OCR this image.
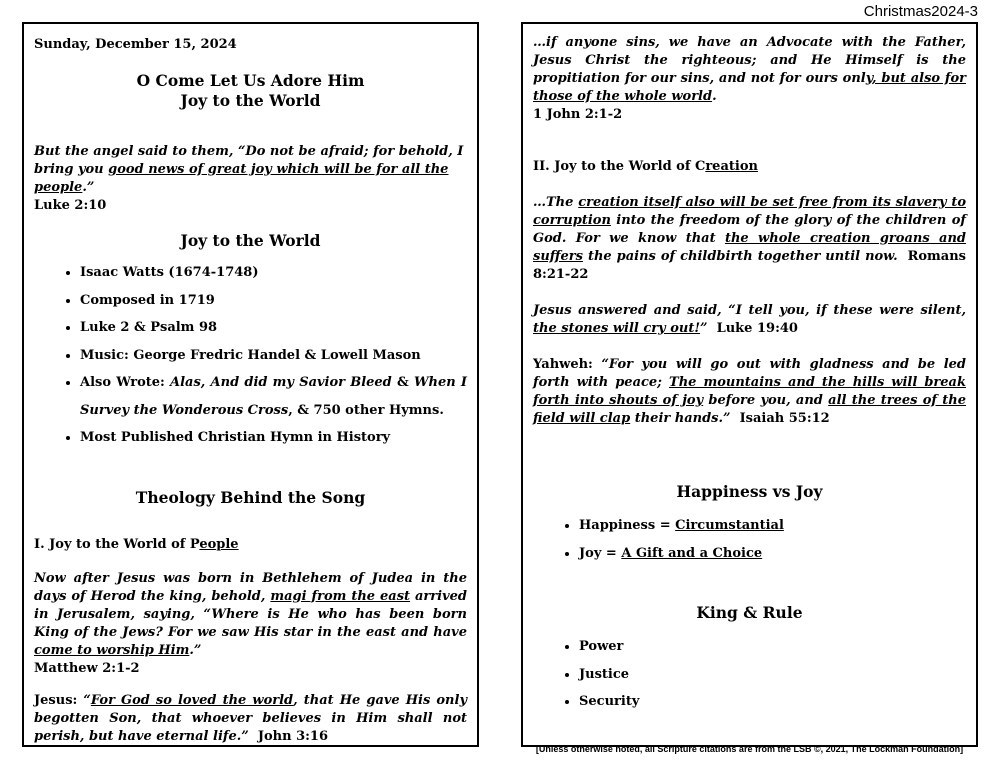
Christmas2024-3

Sunday, December 15, 2024

O Come Let Us Adore Him

Joy to the World

But the angel said to them, “Do not be afraid; for behold, I bring you good news of great joy which will be for all the people.”

Luke 2:10

Joy to the World

• Isaac Watts (1674-1748)
• Composed in 1719
• Luke 2 & Psalm 98
• Music: George Fredric Handel & Lowell Mason
• Also Wrote: Alas, And did my Savior Bleed & When I Survey the Wonderous Cross, & 750 other Hymns.
• Most Published Christian Hymn in History

Theology Behind the Song

I. Joy to the World of People

Now after Jesus was born in Bethlehem of Judea in the days of Herod the king, behold, magi from the east arrived in Jerusalem, saying, “Where is He who has been born King of the Jews? For we saw His star in the east and have come to worship Him.”

Matthew 2:1-2

Jesus: “For God so loved the world, that He gave His only begotten Son, that whoever believes in Him shall not perish, but have eternal life.” John 3:16

…if anyone sins, we have an Advocate with the Father, Jesus Christ the righteous; and He Himself is the propitiation for our sins, and not for ours only, but also for those of the whole world.

1 John 2:1-2

II. Joy to the World of Creation

…The creation itself also will be set free from its slavery to corruption into the freedom of the glory of the children of God. For we know that the whole creation groans and suffers the pains of childbirth together until now. Romans 8:21-22

Jesus answered and said, “I tell you, if these were silent, the stones will cry out!” Luke 19:40

Yahweh: “For you will go out with gladness and be led forth with peace; The mountains and the hills will break forth into shouts of joy before you, and all the trees of the field will clap their hands.” Isaiah 55:12

Happiness vs Joy

• Happiness = Circumstantial
• Joy = A Gift and a Choice

King & Rule

• Power
• Justice
• Security

[Unless otherwise noted, all Scripture citations are from the LSB ©, 2021, The Lockman Foundation]
